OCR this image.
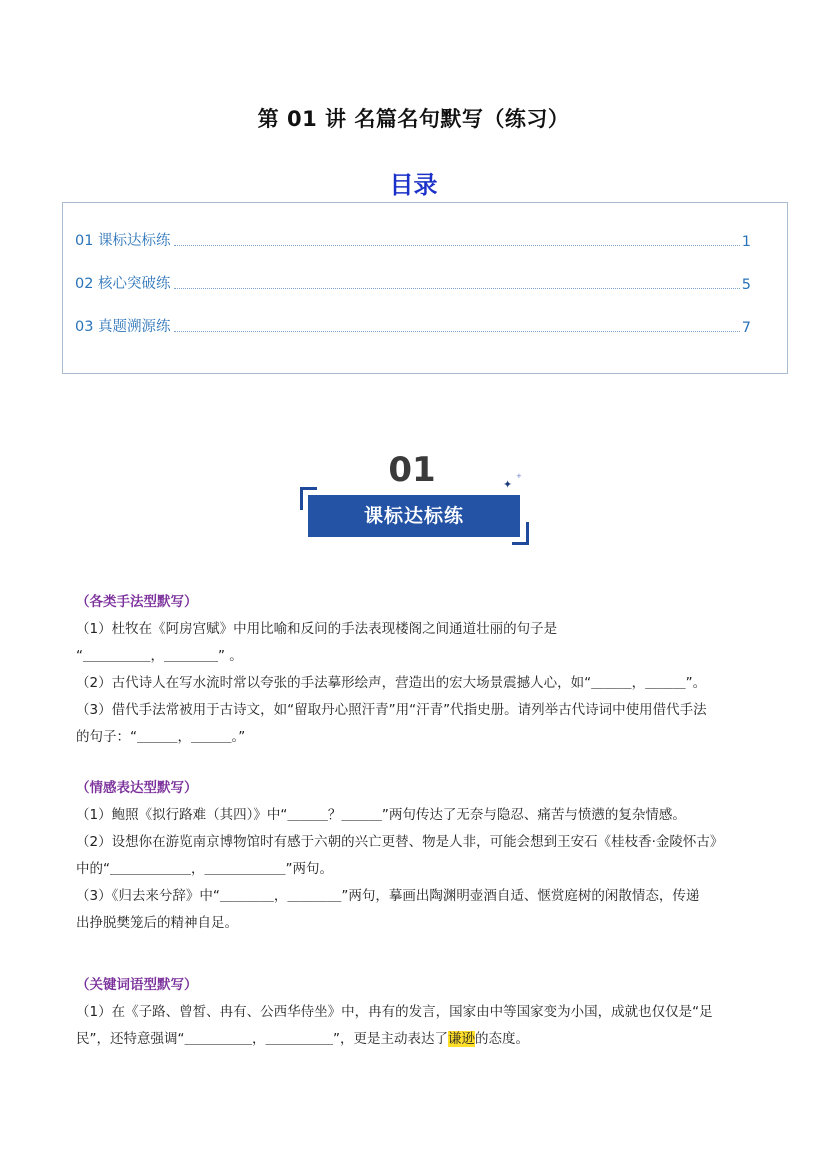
第 01 讲 名篇名句默写（练习）
目录
01 课标达标练	1
02 核心突破练	5
03 真题溯源练	7
01	✦
+
课标达标练
（各类手法型默写）
（1）杜牧在《阿房宫赋》中用比喻和反问的手法表现楼阁之间通道壮丽的句子是
“＿＿＿＿＿，＿＿＿＿” 。
（2）古代诗人在写水流时常以夸张的手法摹形绘声，营造出的宏大场景震撼人心，如“＿＿＿，＿＿＿”。
（3）借代手法常被用于古诗文，如“留取丹心照汗青”用“汗青”代指史册。请列举古代诗词中使用借代手法
的句子：“＿＿＿，＿＿＿。”
（情感表达型默写）
（1）鲍照《拟行路难（其四）》中“＿＿＿？＿＿＿”两句传达了无奈与隐忍、痛苦与愤懑的复杂情感。
（2）设想你在游览南京博物馆时有感于六朝的兴亡更替、物是人非，可能会想到王安石《桂枝香·金陵怀古》
中的“＿＿＿＿＿＿，＿＿＿＿＿＿”两句。
（3）《归去来兮辞》中“＿＿＿＿，＿＿＿＿”两句，摹画出陶渊明壶酒自适、惬赏庭树的闲散情态，传递
出挣脱樊笼后的精神自足。
（关键词语型默写）
（1）在《子路、曾皙、冉有、公西华侍坐》中，冉有的发言，国家由中等国家变为小国，成就也仅仅是“足
民”，还特意强调“＿＿＿＿＿，＿＿＿＿＿”，更是主动表达了谦逊的态度。
